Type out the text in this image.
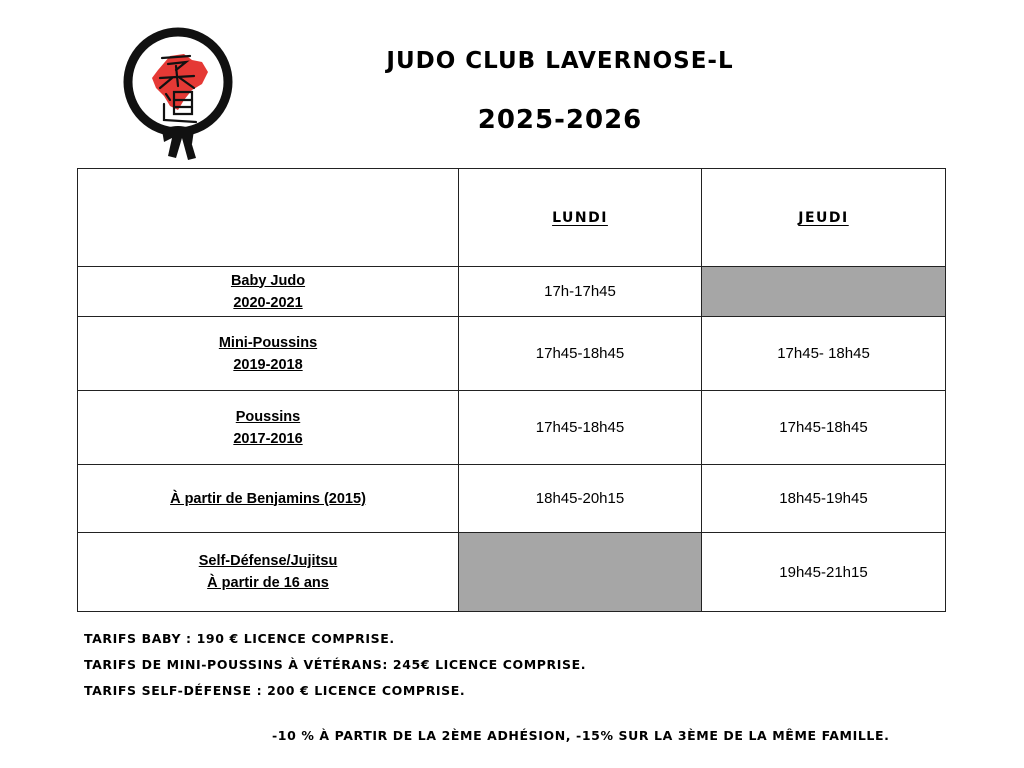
JUDO CLUB LAVERNOSE-L
2025-2026
	LUNDI	JEUDI

Baby Judo
2020-2021	17h-17h45	

Mini-Poussins
2019-2018	17h45-18h45	17h45- 18h45

Poussins
2017-2016	17h45-18h45	17h45-18h45

À partir de Benjamins (2015)	18h45-20h15	18h45-19h45

Self-Défense/Jujitsu
À partir de 16 ans		19h45-21h15
TARIFS BABY : 190 € LICENCE COMPRISE.
TARIFS DE MINI-POUSSINS À VÉTÉRANS: 245€ LICENCE COMPRISE.
TARIFS SELF-DÉFENSE : 200 € LICENCE COMPRISE.
-10 % À PARTIR DE LA 2ÈME ADHÉSION, -15% SUR LA 3ÈME DE LA MÊME FAMILLE.
